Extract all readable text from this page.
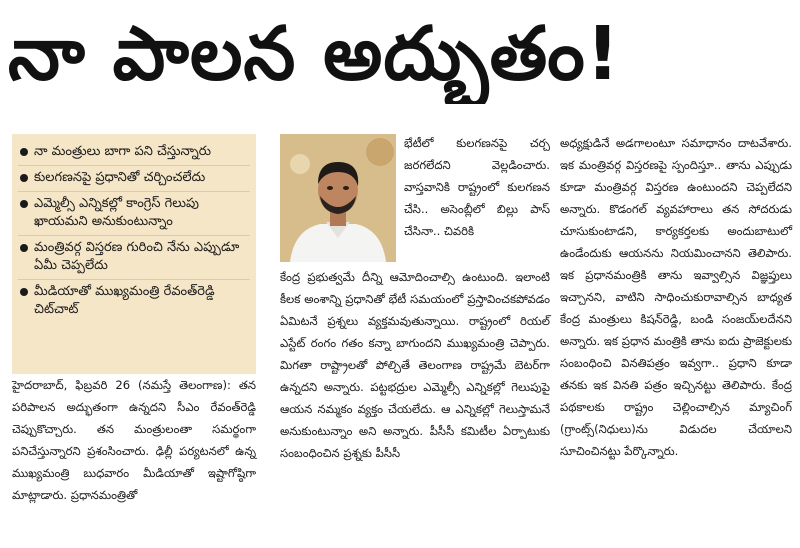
నా పాలన అద్భుతం!
నా మంత్రులు బాగా పని చేస్తున్నారు
కులగణనపై ప్రధానితో చర్చించలేదు
ఎమ్మెల్సీ ఎన్నికల్లో కాంగ్రెస్ గెలుపు ఖాయమని అనుకుంటున్నాం
మంత్రివర్గ విస్తరణ గురించి నేను ఎప్పుడూ ఏమీ చెప్పలేదు
మీడియాతో ముఖ్యమంత్రి రేవంత్‌రెడ్డి చిట్‌చాట్

హైదరాబాద్, ఫిబ్రవరి 26 (నమస్తే తెలంగాణ): తన పరిపాలన అద్భుతంగా ఉన్నదని సీఎం రేవంత్‌రెడ్డి చెప్పుకొచ్చారు. తన మంత్రులంతా సమర్థంగా పనిచేస్తున్నారని ప్రశంసించారు. ఢిల్లీ పర్యటనలో ఉన్న ముఖ్యమంత్రి బుధవారం మీడియాతో ఇష్టాగోష్ఠిగా మాట్లాడారు. ప్రధానమంత్రితో

భేటీలో కులగణనపై చర్చ జరగలేదని వెల్లడించారు. వాస్తవానికి రాష్ట్రంలో కులగణన చేసి.. అసెంబ్లీలో బిల్లు పాస్ చేసినా.. చివరికి

కేంద్ర ప్రభుత్వమే దీన్ని ఆమోదించాల్సి ఉంటుంది. ఇలాంటి కీలక అంశాన్ని ప్రధానితో భేటీ సమయంలో ప్రస్తావించకపోవడం ఏమిటనే ప్రశ్నలు వ్యక్తమవుతున్నాయి. రాష్ట్రంలో రియల్ ఎస్టేట్ రంగం గతం కన్నా బాగుందని ముఖ్యమంత్రి చెప్పారు. మిగతా రాష్ట్రాలతో పోల్చితే తెలంగాణ రాష్ట్రమే బెటర్‌గా ఉన్నదని అన్నారు. పట్టభద్రుల ఎమ్మెల్సీ ఎన్నికల్లో గెలుపుపై ఆయన నమ్మకం వ్యక్తం చేయలేదు. ఆ ఎన్నికల్లో గెలుస్తామనే అనుకుంటున్నాం అని అన్నారు. పీసీసీ కమిటీల ఏర్పాటుకు సంబంధించిన ప్రశ్నకు పీసీసీ

అధ్యక్షుడినే అడగాలంటూ సమాధానం దాటవేశారు. ఇక మంత్రివర్గ విస్తరణపై స్పందిస్తూ.. తాను ఎప్పుడు కూడా మంత్రివర్గ విస్తరణ ఉంటుందని చెప్పలేదని అన్నారు. కొడంగల్ వ్యవహారాలు తన సోదరుడు చూసుకుంటాడని, కార్యకర్తలకు అందుబాటులో ఉండేందుకు ఆయనను నియమించానని తెలిపారు. ఇక ప్రధానమంత్రికి తాను ఇవ్వాల్సిన విజ్ఞప్తులు ఇచ్చానని, వాటిని సాధించుకురావాల్సిన బాధ్యత కేంద్ర మంత్రులు కిషన్‌రెడ్డి, బండి సంజయ్‌లదేనని అన్నారు. ఇక ప్రధాన మంత్రికి తాను ఐదు ప్రాజెక్టులకు సంబంధించి వినతిపత్రం ఇవ్వగా.. ప్రధాని కూడా తనకు ఇక వినతి పత్రం ఇచ్చినట్టు తెలిపారు. కేంద్ర పథకాలకు రాష్ట్రం చెల్లించాల్సిన మ్యాచింగ్ (గ్రాంట్స్(నిధులు)ను విడుదల చేయాలని సూచించినట్టు పేర్కొన్నారు.
